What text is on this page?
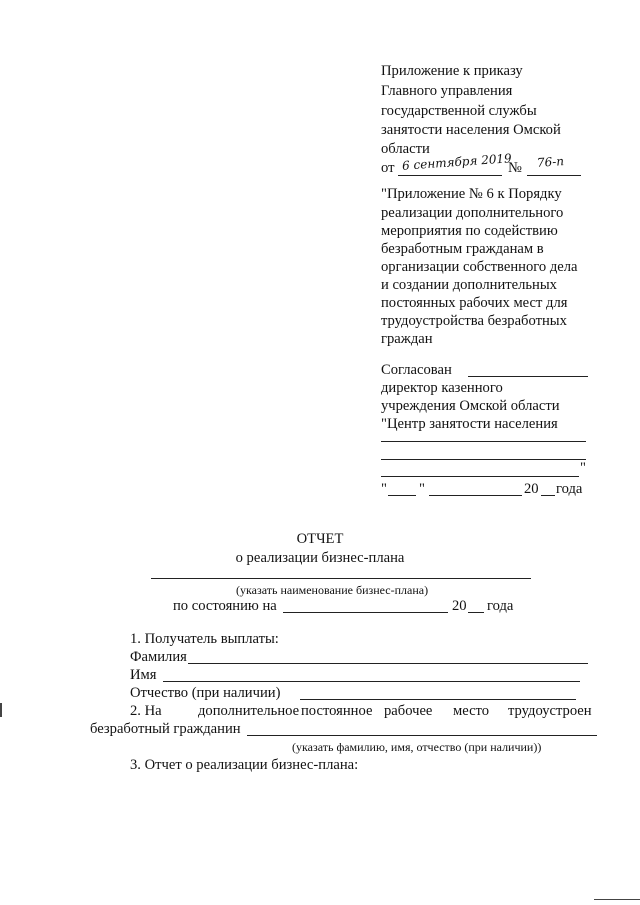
Приложение к приказу
Главного управления
государственной службы
занятости населения Омской
области
от 6 сентября 2019
№ 76-п
"Приложение № 6 к Порядку
реализации дополнительного
мероприятия по содействию
безработным гражданам в
организации собственного дела
и создании дополнительных
постоянных рабочих мест для
трудоустройства безработных
граждан
Согласован
директор казенного
учреждения Омской области
"Центр занятости населения
"
" "	20 года
ОТЧЕТ
о реализации бизнес-плана
(указать наименование бизнес-плана)
по состоянию на	20 года
1. Получатель выплаты:
Фамилия
Имя
Отчество (при наличии)
2. На дополнительное постоянное рабочее место трудоустроен
безработный гражданин
(указать фамилию, имя, отчество (при наличии))
3. Отчет о реализации бизнес-плана:
